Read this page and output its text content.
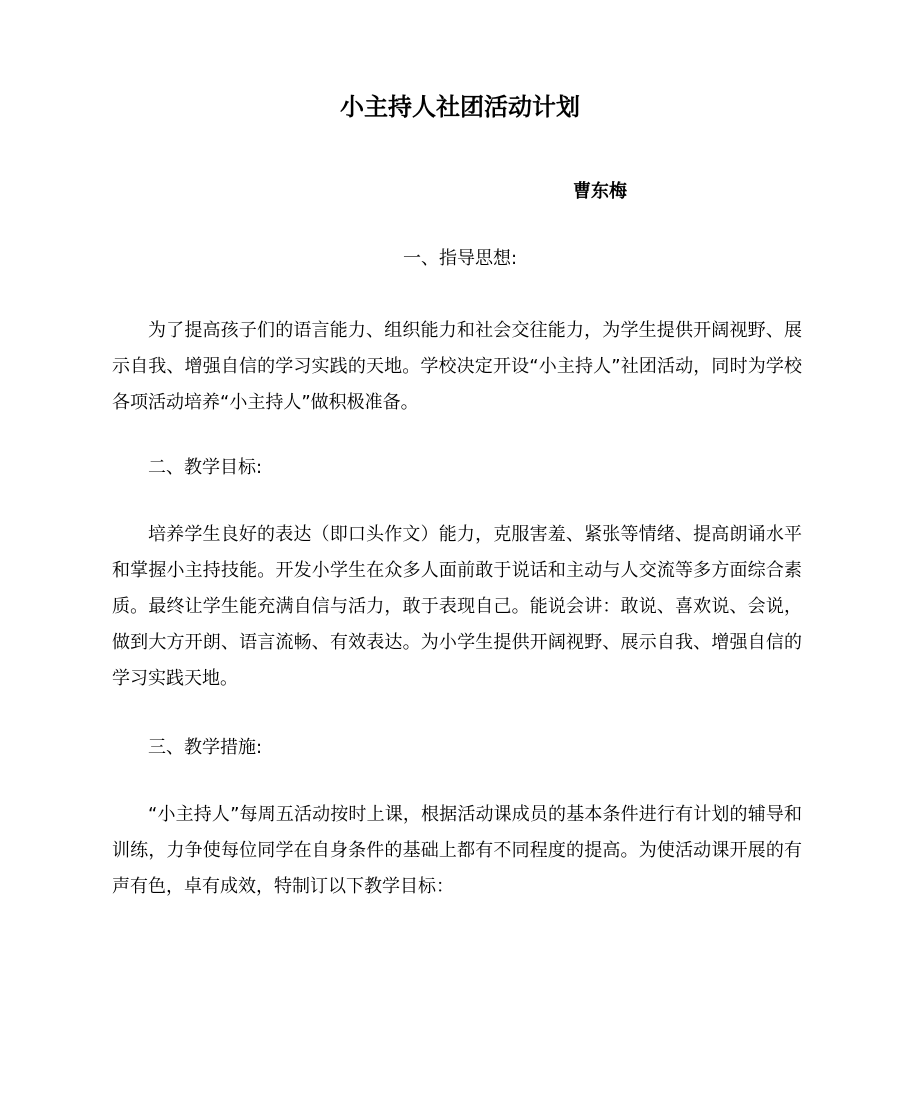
小主持人社团活动计划
曹东梅
一、指导思想:

为了提高孩子们的语言能力、组织能力和社会交往能力，为学生提供开阔视野、展示自我、增强自信的学习实践的天地。学校决定开设“小主持人”社团活动，同时为学校各项活动培养“小主持人”做积极准备。

二、教学目标:

培养学生良好的表达（即口头作文）能力，克服害羞、紧张等情绪、提高朗诵水平和掌握小主持技能。开发小学生在众多人面前敢于说话和主动与人交流等多方面综合素质。最终让学生能充满自信与活力，敢于表现自己。能说会讲：敢说、喜欢说、会说，做到大方开朗、语言流畅、有效表达。为小学生提供开阔视野、展示自我、增强自信的学习实践天地。

三、教学措施:

“小主持人”每周五活动按时上课，根据活动课成员的基本条件进行有计划的辅导和训练，力争使每位同学在自身条件的基础上都有不同程度的提高。为使活动课开展的有声有色，卓有成效，特制订以下教学目标：
